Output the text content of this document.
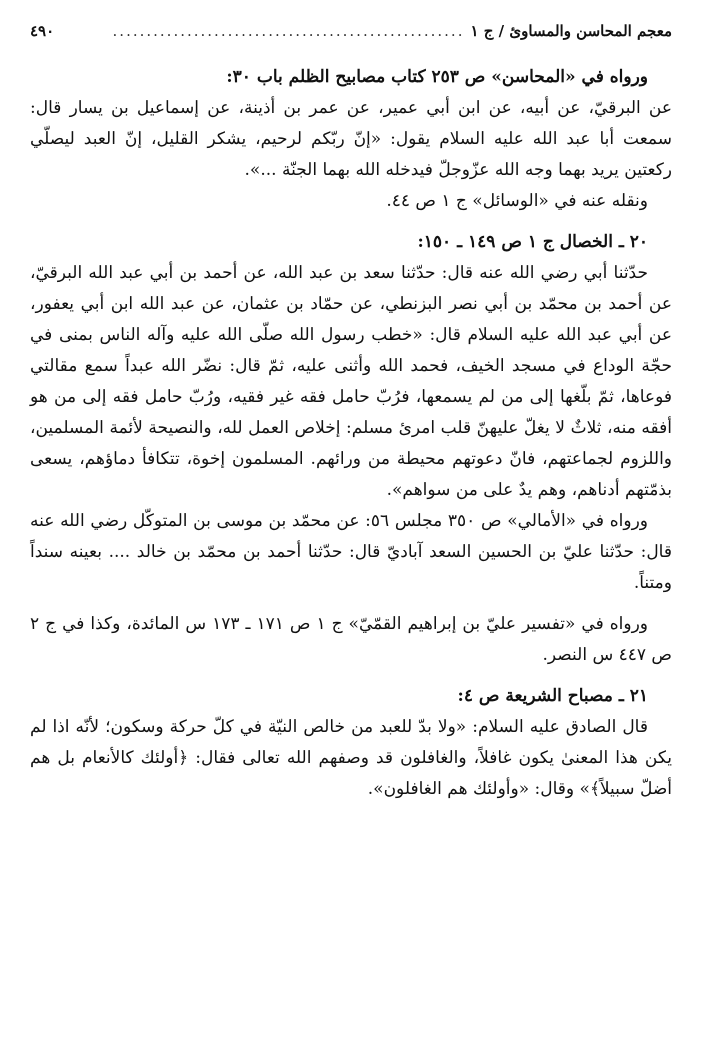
معجم المحاسن والمساوئ / ج ١
....................................................
٤٩٠

ورواه في «المحاسن» ص ٢٥٣ كتاب مصابيح الظلم باب ٣٠:

عن البرقيّ، عن أبيه، عن ابن أبي عمير، عن عمر بن أذينة، عن إسماعيل بن يسار قال: سمعت أبا عبد الله عليه السلام يقول: «إنّ ربّكم لرحيم، يشكر القليل، إنّ العبد ليصلّي ركعتين يريد بهما وجه الله عزّوجلّ فيدخله الله بهما الجنّة ...».

ونقله عنه في «الوسائل» ج ١ ص ٤٤.

٢٠ ـ الخصال ج ١ ص ١٤٩ ـ ١٥٠:

حدّثنا أبي رضي الله عنه قال: حدّثنا سعد بن عبد الله، عن أحمد بن أبي عبد الله البرقيّ، عن أحمد بن محمّد بن أبي نصر البزنطي، عن حمّاد بن عثمان، عن عبد الله ابن أبي يعفور، عن أبي عبد الله عليه السلام قال: «خطب رسول الله صلّى الله عليه وآله الناس بمنى في حجّة الوداع في مسجد الخيف، فحمد الله وأثنى عليه، ثمّ قال: نضّر الله عبداً سمع مقالتي فوعاها، ثمّ بلّغها إلى من لم يسمعها، فرُبّ حامل فقه غير فقيه، ورُبّ حامل فقه إلى من هو أفقه منه، ثلاثٌ لا يغلّ عليهنّ قلب امرئ مسلم: إخلاص العمل لله، والنصيحة لأئمة المسلمين، واللزوم لجماعتهم، فانّ دعوتهم محيطة من ورائهم. المسلمون إخوة، تتكافأ دماؤهم، يسعى بذمّتهم أدناهم، وهم يدٌ على من سواهم».

ورواه في «الأمالي» ص ٣٥٠ مجلس ٥٦: عن محمّد بن موسى بن المتوكّل رضي الله عنه قال: حدّثنا عليّ بن الحسين السعد آباديّ قال: حدّثنا أحمد بن محمّد بن خالد .... بعينه سنداً ومتناً.

ورواه في «تفسير عليّ بن إبراهيم القمّيّ» ج ١ ص ١٧١ ـ ١٧٣ س المائدة، وكذا في ج ٢ ص ٤٤٧ س النصر.

٢١ ـ مصباح الشريعة ص ٤:

قال الصادق عليه السلام: «ولا بدّ للعبد من خالص النيّة في كلّ حركة وسكون؛ لأنّه اذا لم يكن هذا المعنىٰ يكون غافلاً، والغافلون قد وصفهم الله تعالى فقال: ﴿أولئك كالأنعام بل هم أضلّ سبيلاً﴾» وقال: «وأولئك هم الغافلون».
